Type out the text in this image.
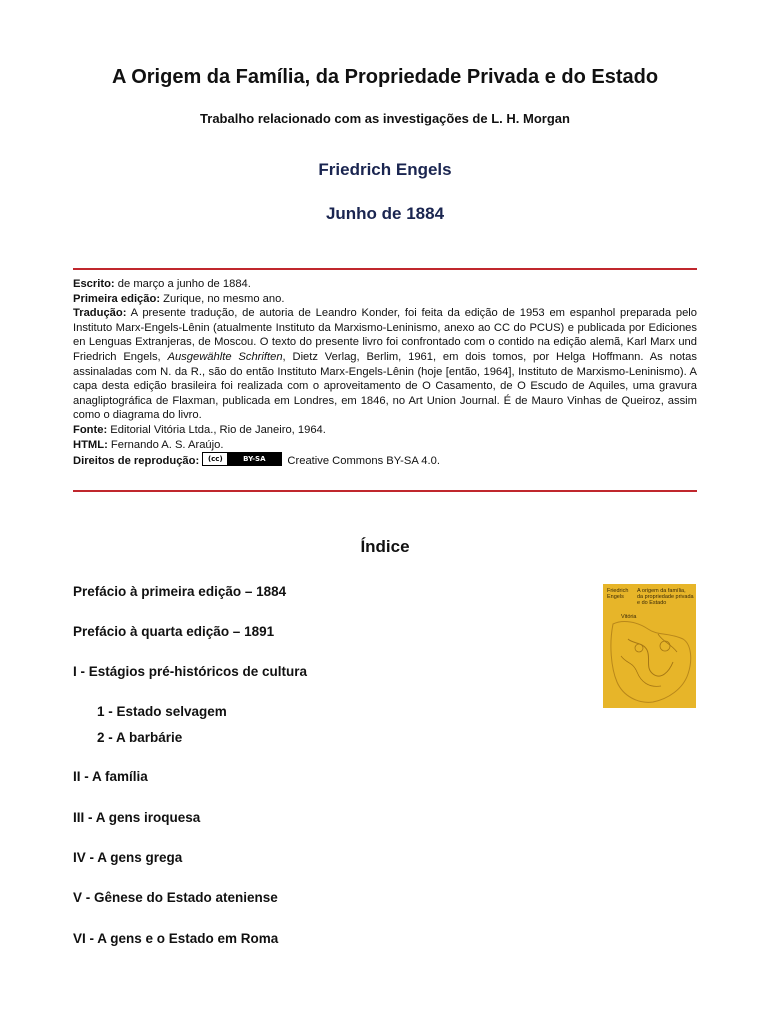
A Origem da Família, da Propriedade Privada e do Estado

Trabalho relacionado com as investigações de L. H. Morgan

Friedrich Engels

Junho de 1884

Escrito: de março a junho de 1884.

Primeira edição: Zurique, no mesmo ano.

Tradução: A presente tradução, de autoria de Leandro Konder, foi feita da edição de 1953 em espanhol preparada pelo Instituto Marx-Engels-Lênin (atualmente Instituto da Marxismo-Leninismo, anexo ao CC do PCUS) e publicada por Ediciones en Lenguas Extranjeras, de Moscou. O texto do presente livro foi confrontado com o contido na edição alemã, Karl Marx und Friedrich Engels, Ausgewählte Schriften, Dietz Verlag, Berlim, 1961, em dois tomos, por Helga Hoffmann. As notas assinaladas com N. da R., são do então Instituto Marx-Engels-Lênin (hoje [então, 1964], Instituto de Marxismo-Leninismo). A capa desta edição brasileira foi realizada com o aproveitamento de O Casamento, de O Escudo de Aquiles, uma gravura anagliptográfica de Flaxman, publicada em Londres, em 1846, no Art Union Journal. É de Mauro Vinhas de Queiroz, assim como o diagrama do livro.

Fonte: Editorial Vitória Ltda., Rio de Janeiro, 1964.

HTML: Fernando A. S. Araújo.

Direitos de reprodução:	(cc)	BY-SA	Creative Commons BY-SA 4.0.

Índice
Prefácio à primeira edição – 1884
Prefácio à quarta edição – 1891
I - Estágios pré-históricos de cultura
1 - Estado selvagem
2 - A barbárie
II - A família
III - A gens iroquesa
IV - A gens grega
V - Gênese do Estado ateniense
VI - A gens e o Estado em Roma
Friedrich
Engels
A origem da família,
da propriedade privada
e do Estado
Vitória
